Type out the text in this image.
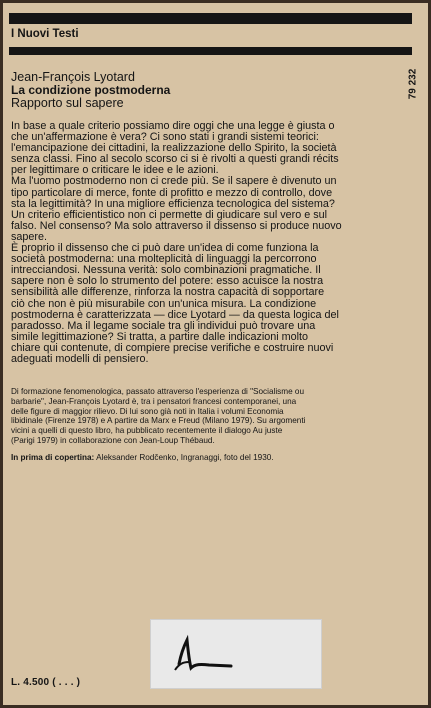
I Nuovi Testi
79 232
Jean-François Lyotard
La condizione postmoderna
Rapporto sul sapere

In base a quale criterio possiamo dire oggi che una legge è giusta o

che un'affermazione è vera? Ci sono stati i grandi sistemi teorici:

l'emancipazione dei cittadini, la realizzazione dello Spirito, la società

senza classi. Fino al secolo scorso ci si è rivolti a questi grandi récits

per legittimare o criticare le idee e le azioni.

Ma l'uomo postmoderno non ci crede più. Se il sapere è divenuto un

tipo particolare di merce, fonte di profitto e mezzo di controllo, dove

sta la legittimità? In una migliore efficienza tecnologica del sistema?

Un criterio efficientistico non ci permette di giudicare sul vero e sul

falso. Nel consenso? Ma solo attraverso il dissenso si produce nuovo

sapere.

È proprio il dissenso che ci può dare un'idea di come funziona la

società postmoderna: una molteplicità di linguaggi la percorrono

intrecciandosi. Nessuna verità: solo combinazioni pragmatiche. Il

sapere non è solo lo strumento del potere: esso acuisce la nostra

sensibilità alle differenze, rinforza la nostra capacità di sopportare

ciò che non è più misurabile con un'unica misura. La condizione

postmoderna è caratterizzata — dice Lyotard — da questa logica del

paradosso. Ma il legame sociale tra gli individui può trovare una

simile legittimazione? Si tratta, a partire dalle indicazioni molto

chiare qui contenute, di compiere precise verifiche e costruire nuovi

adeguati modelli di pensiero.

Di formazione fenomenologica, passato attraverso l'esperienza di "Socialisme ou

barbarie", Jean-François Lyotard è, tra i pensatori francesi contemporanei, una

delle figure di maggior rilievo. Di lui sono già noti in Italia i volumi Economia

libidinale (Firenze 1978) e A partire da Marx e Freud (Milano 1979). Su argomenti

vicini a quelli di questo libro, ha pubblicato recentemente il dialogo Au juste

(Parigi 1979) in collaborazione con Jean-Loup Thébaud.

In prima di copertina: Aleksander Rodčenko, Ingranaggi, foto del 1930.
L. 4.500 ( . . . )
